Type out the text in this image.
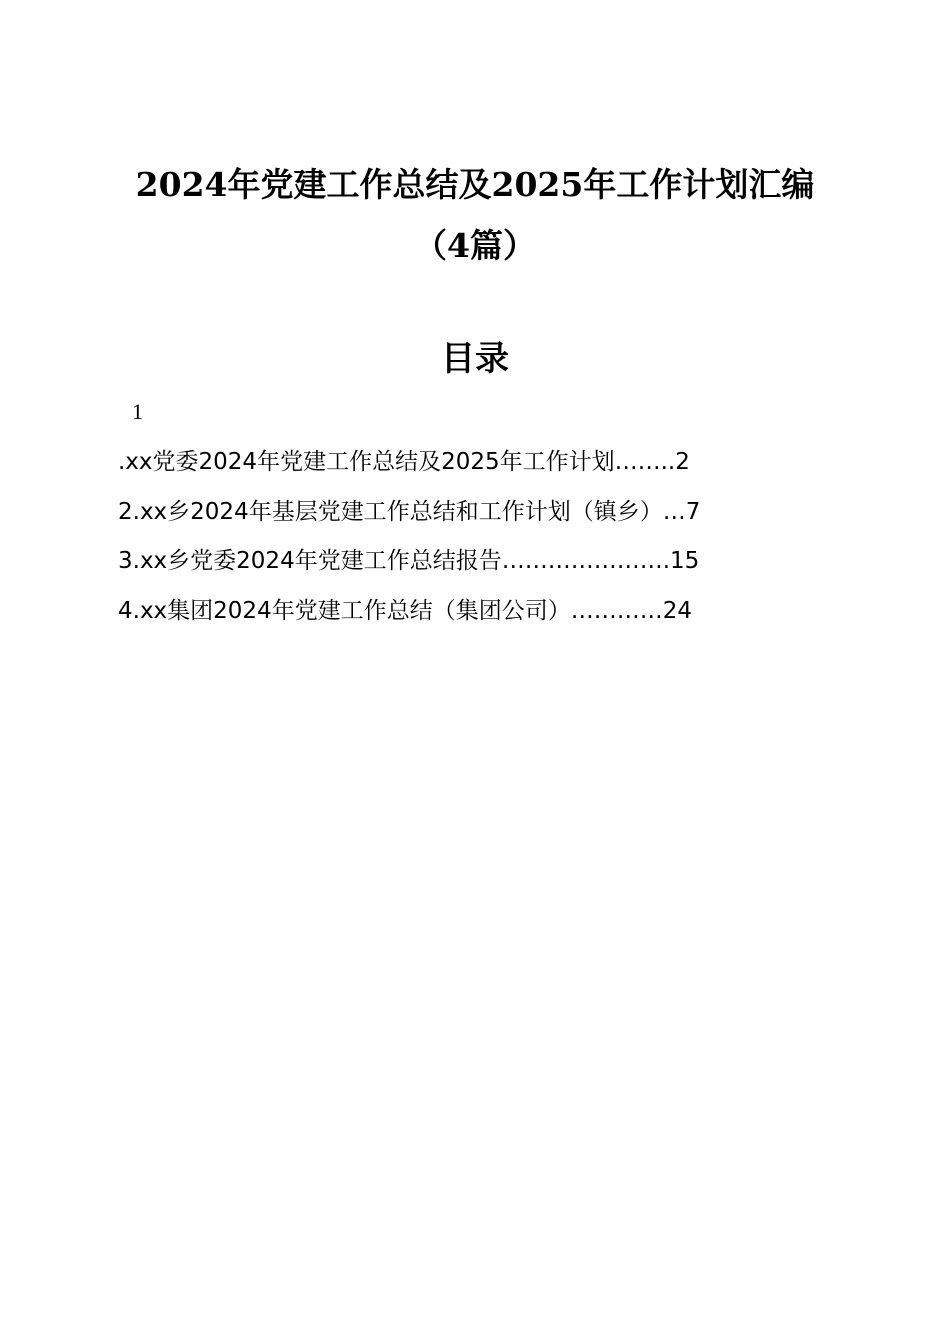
2024年党建工作总结及2025年工作计划汇编
（4篇）
目录
1
.xx党委2024年党建工作总结及2025年工作计划……..2
2.xx乡2024年基层党建工作总结和工作计划（镇乡）…7
3.xx乡党委2024年党建工作总结报告………………….15
4.xx集团2024年党建工作总结（集团公司）…………24
